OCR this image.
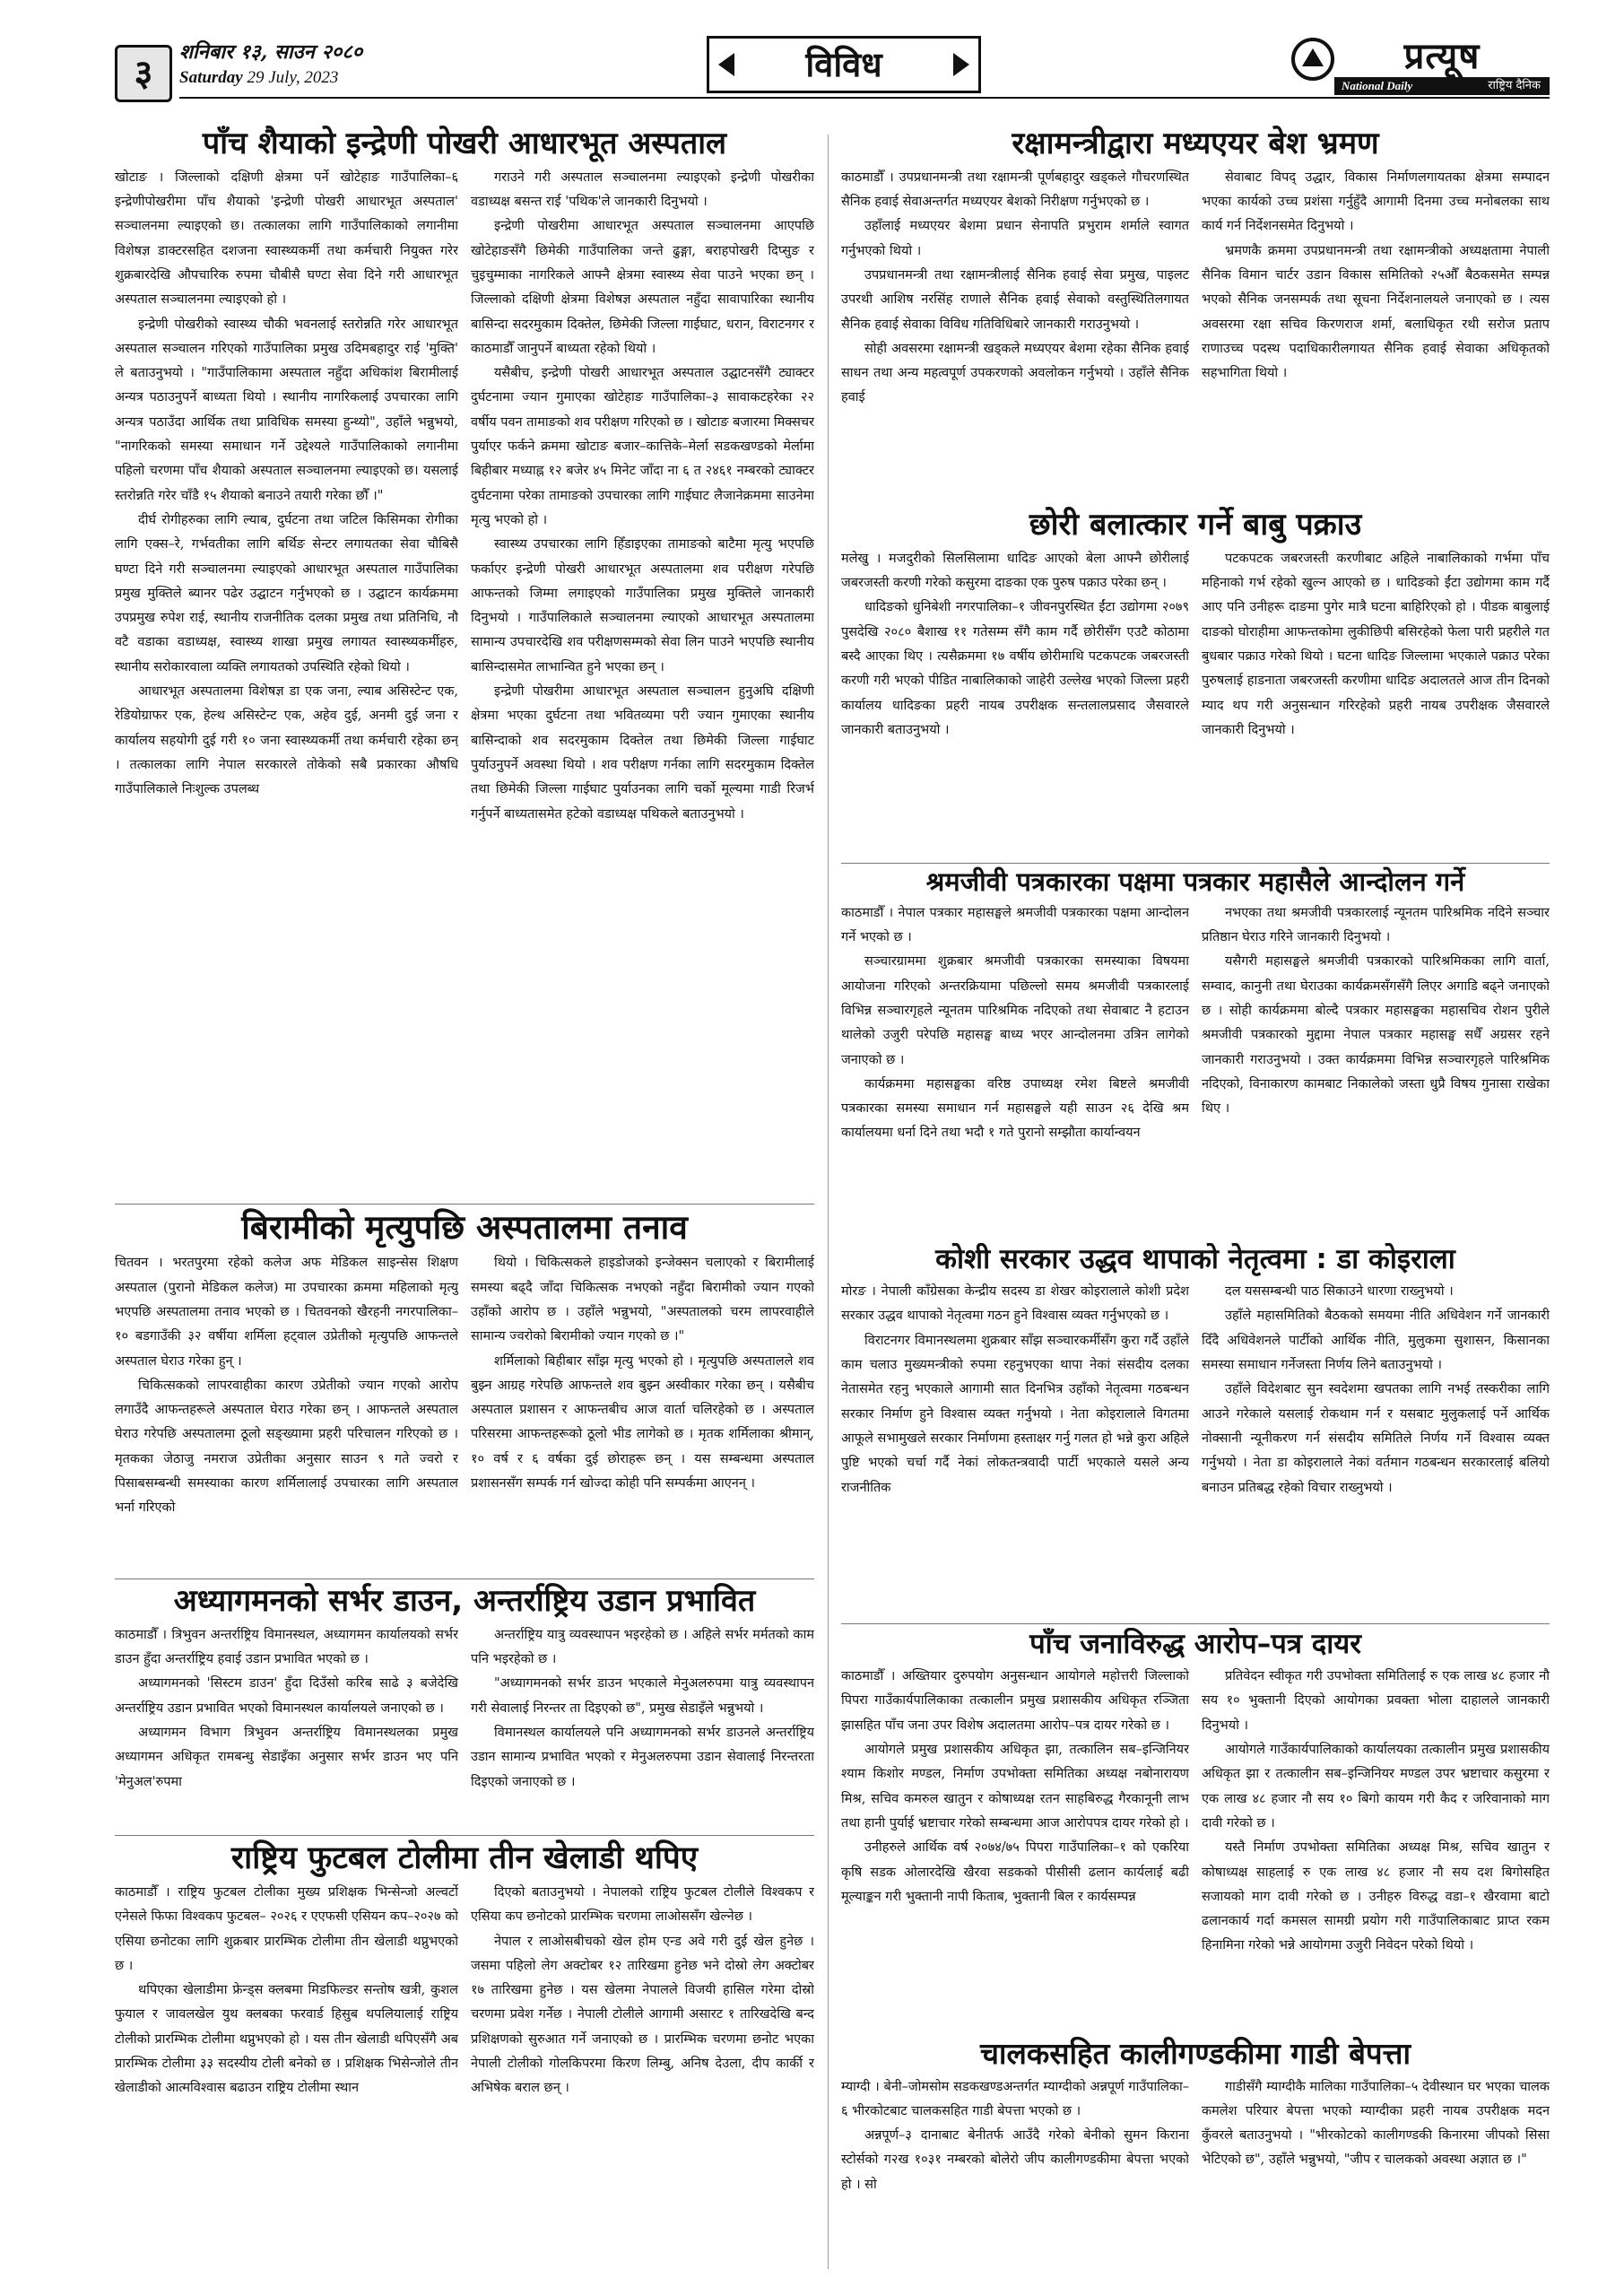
३
शनिबार १३, साउन २०८०
Saturday 29 July, 2023	विविध	प्रत्यूष
National Daily	राष्ट्रिय दैनिक
पाँच शैयाको इन्द्रेणी पोखरी आधारभूत अस्पताल

खोटाङ । जिल्लाको दक्षिणी क्षेत्रमा पर्ने खोटेहाङ गाउँपालिका–६ इन्द्रेणीपोखरीमा पाँच शैयाको 'इन्द्रेणी पोखरी आधारभूत अस्पताल' सञ्चालनमा ल्याइएको छ। तत्कालका लागि गाउँपालिकाको लगानीमा विशेषज्ञ डाक्टरसहित दशजना स्वास्थ्यकर्मी तथा कर्मचारी नियुक्त गरेर शुक्रबारदेखि औपचारिक रुपमा चौबीसै घण्टा सेवा दिने गरी आधारभूत अस्पताल सञ्चालनमा ल्याइएको हो ।

इन्द्रेणी पोखरीको स्वास्थ्य चौकी भवनलाई स्तरोन्नति गरेर आधारभूत अस्पताल सञ्चालन गरिएको गाउँपालिका प्रमुख उदिमबहादुर राई 'मुक्ति' ले बताउनुभयो । "गाउँपालिकामा अस्पताल नहुँदा अधिकांश बिरामीलाई अन्यत्र पठाउनुपर्ने बाध्यता थियो । स्थानीय नागरिकलाई उपचारका लागि अन्यत्र पठाउँदा आर्थिक तथा प्राविधिक समस्या हुन्थ्यो", उहाँले भन्नुभयो, "नागरिकको समस्या समाधान गर्ने उद्देश्यले गाउँपालिकाको लगानीमा पहिलो चरणमा पाँच शैयाको अस्पताल सञ्चालनमा ल्याइएको छ। यसलाई स्तरोन्नति गरेर चाँडै १५ शैयाको बनाउने तयारी गरेका छौँ ।"

दीर्घ रोगीहरुका लागि ल्याब, दुर्घटना तथा जटिल किसिमका रोगीका लागि एक्स–रे, गर्भवतीका लागि बर्थिङ सेन्टर लगायतका सेवा चौबिसै घण्टा दिने गरी सञ्चालनमा ल्याइएको आधारभूत अस्पताल गाउँपालिका प्रमुख मुक्तिले ब्यानर पढेर उद्घाटन गर्नुभएको छ । उद्घाटन कार्यक्रममा उपप्रमुख रुपेश राई, स्थानीय राजनीतिक दलका प्रमुख तथा प्रतिनिधि, नौ वटै वडाका वडाध्यक्ष, स्वास्थ्य शाखा प्रमुख लगायत स्वास्थ्यकर्मीहरु, स्थानीय सरोकारवाला व्यक्ति लगायतको उपस्थिति रहेको थियो ।

आधारभूत अस्पतालमा विशेषज्ञ डा एक जना, ल्याब असिस्टेन्ट एक, रेडियोग्राफर एक, हेल्थ असिस्टेन्ट एक, अहेव दुई, अनमी दुई जना र कार्यालय सहयोगी दुई गरी १० जना स्वास्थ्यकर्मी तथा कर्मचारी रहेका छन् । तत्कालका लागि नेपाल सरकारले तोकेको सबै प्रकारका औषधि गाउँपालिकाले निःशुल्क उपलब्ध

गराउने गरी अस्पताल सञ्चालनमा ल्याइएको इन्द्रेणी पोखरीका वडाध्यक्ष बसन्त राई 'पथिक'ले जानकारी दिनुभयो ।

इन्द्रेणी पोखरीमा आधारभूत अस्पताल सञ्चालनमा आएपछि खोटेहाङसँगै छिमेकी गाउँपालिका जन्ते ढुङ्गा, बराहपोखरी दिप्सुङ र चुइचुम्माका नागरिकले आफ्नै क्षेत्रमा स्वास्थ्य सेवा पाउने भएका छन् । जिल्लाको दक्षिणी क्षेत्रमा विशेषज्ञ अस्पताल नहुँदा सावापारिका स्थानीय बासिन्दा सदरमुकाम दिक्तेल, छिमेकी जिल्ला गाईघाट, धरान, विराटनगर र काठमाडौँ जानुपर्ने बाध्यता रहेको थियो ।

यसैबीच, इन्द्रेणी पोखरी आधारभूत अस्पताल उद्घाटनसँगै ट्याक्टर दुर्घटनामा ज्यान गुमाएका खोटेहाङ गाउँपालिका–३ सावाकटहरेका २२ वर्षीय पवन तामाङको शव परीक्षण गरिएको छ । खोटाङ बजारमा मिक्सचर पुर्याएर फर्कने क्रममा खोटाङ बजार–कात्तिके–मेर्ला सडकखण्डको मेर्लामा बिहीबार मध्याह्न १२ बजेर ४५ मिनेट जाँदा ना ६ त २४६१ नम्बरको ट्याक्टर दुर्घटनामा परेका तामाङको उपचारका लागि गाईघाट लैजानेक्रममा साउनेमा मृत्यु भएको हो ।

स्वास्थ्य उपचारका लागि हिँडाइएका तामाङको बाटैमा मृत्यु भएपछि फर्काएर इन्द्रेणी पोखरी आधारभूत अस्पतालमा शव परीक्षण गरेपछि आफन्तको जिम्मा लगाइएको गाउँपालिका प्रमुख मुक्तिले जानकारी दिनुभयो । गाउँपालिकाले सञ्चालनमा ल्याएको आधारभूत अस्पतालमा सामान्य उपचारदेखि शव परीक्षणसम्मको सेवा लिन पाउने भएपछि स्थानीय बासिन्दासमेत लाभान्वित हुने भएका छन् ।

इन्द्रेणी पोखरीमा आधारभूत अस्पताल सञ्चालन हुनुअघि दक्षिणी क्षेत्रमा भएका दुर्घटना तथा भवितव्यमा परी ज्यान गुमाएका स्थानीय बासिन्दाको शव सदरमुकाम दिक्तेल तथा छिमेकी जिल्ला गाईघाट पुर्याउनुपर्ने अवस्था थियो । शव परीक्षण गर्नका लागि सदरमुकाम दिक्तेल तथा छिमेकी जिल्ला गाईघाट पुर्याउनका लागि चर्को मूल्यमा गाडी रिजर्भ गर्नुपर्ने बाध्यतासमेत हटेको वडाध्यक्ष पथिकले बताउनुभयो ।

बिरामीको मृत्युपछि अस्पतालमा तनाव

चितवन । भरतपुरमा रहेको कलेज अफ मेडिकल साइन्सेस शिक्षण अस्पताल (पुरानो मेडिकल कलेज) मा उपचारका क्रममा महिलाको मृत्यु भएपछि अस्पतालमा तनाव भएको छ । चितवनको खैरहनी नगरपालिका–१० बडगाउँकी ३२ वर्षीया शर्मिला हट्वाल उप्रेतीको मृत्युपछि आफन्तले अस्पताल घेराउ गरेका हुन् ।

चिकित्सकको लापरवाहीका कारण उप्रेतीको ज्यान गएको आरोप लगाउँदै आफन्तहरूले अस्पताल घेराउ गरेका छन् । आफन्तले अस्पताल घेराउ गरेपछि अस्पतालमा ठूलो सङ्ख्यामा प्रहरी परिचालन गरिएको छ । मृतकका जेठाजु नमराज उप्रेतीका अनुसार साउन ९ गते ज्वरो र पिसाबसम्बन्धी समस्याका कारण शर्मिलालाई उपचारका लागि अस्पताल भर्ना गरिएको

थियो । चिकित्सकले हाइडोजको इन्जेक्सन चलाएको र बिरामीलाई समस्या बढ्दै जाँदा चिकित्सक नभएको नहुँदा बिरामीको ज्यान गएको उहाँको आरोप छ । उहाँले भन्नुभयो, "अस्पतालको चरम लापरवाहीले सामान्य ज्वरोको बिरामीको ज्यान गएको छ ।"

शर्मिलाको बिहीबार साँझ मृत्यु भएको हो । मृत्युपछि अस्पतालले शव बुझ्न आग्रह गरेपछि आफन्तले शव बुझ्न अस्वीकार गरेका छन् । यसैबीच अस्पताल प्रशासन र आफन्तबीच आज वार्ता चलिरहेको छ । अस्पताल परिसरमा आफन्तहरूको ठूलो भीड लागेको छ । मृतक शर्मिलाका श्रीमान्, १० वर्ष र ६ वर्षका दुई छोराहरू छन् । यस सम्बन्धमा अस्पताल प्रशासनसँग सम्पर्क गर्न खोज्दा कोही पनि सम्पर्कमा आएनन् ।

अध्यागमनको सर्भर डाउन, अन्तर्राष्ट्रिय उडान प्रभावित

काठमाडौँ । त्रिभुवन अन्तर्राष्ट्रिय विमानस्थल, अध्यागमन कार्यालयको सर्भर डाउन हुँदा अन्तर्राष्ट्रिय हवाई उडान प्रभावित भएको छ ।

अध्यागमनको 'सिस्टम डाउन' हुँदा दिउँसो करिब साढे ३ बजेदेखि अन्तर्राष्ट्रिय उडान प्रभावित भएको विमानस्थल कार्यालयले जनाएको छ ।

अध्यागमन विभाग त्रिभुवन अन्तर्राष्ट्रिय विमानस्थलका प्रमुख अध्यागमन अधिकृत रामबन्धु सेडाइँका अनुसार सर्भर डाउन भए पनि 'मेनुअल'रुपमा

अन्तर्राष्ट्रिय यात्रु व्यवस्थापन भइरहेको छ । अहिले सर्भर मर्मतको काम पनि भइरहेको छ ।

"अध्यागमनको सर्भर डाउन भएकाले मेनुअलरुपमा यात्रु व्यवस्थापन गरी सेवालाई निरन्तर ता दिइएको छ", प्रमुख सेडाइँले भन्नुभयो ।

विमानस्थल कार्यालयले पनि अध्यागमनको सर्भर डाउनले अन्तर्राष्ट्रिय उडान सामान्य प्रभावित भएको र मेनुअलरुपमा उडान सेवालाई निरन्तरता दिइएको जनाएको छ ।

राष्ट्रिय फुटबल टोलीमा तीन खेलाडी थपिए

काठमाडौँ । राष्ट्रिय फुटबल टोलीका मुख्य प्रशिक्षक भिन्सेन्जो अल्वर्टो एनेसले फिफा विश्वकप फुटबल– २०२६ र एएफसी एसियन कप–२०२७ को एसिया छनोटका लागि शुक्रबार प्रारम्भिक टोलीमा तीन खेलाडी थप्नुभएको छ ।

थपिएका खेलाडीमा फ्रेन्ड्स क्लबमा मिडफिल्डर सन्तोष खत्री, कुशल फुयाल र जावलखेल युथ क्लबका फरवार्ड हिसुब थपलियालाई राष्ट्रिय टोलीको प्रारम्भिक टोलीमा थप्नुभएको हो । यस तीन खेलाडी थपिएसँगै अब प्रारम्भिक टोलीमा ३३ सदस्यीय टोली बनेको छ । प्रशिक्षक भिसेन्जोले तीन खेलाडीको आत्मविश्वास बढाउन राष्ट्रिय टोलीमा स्थान

दिएको बताउनुभयो । नेपालको राष्ट्रिय फुटबल टोलीले विश्वकप र एसिया कप छनोटको प्रारम्भिक चरणमा लाओससँग खेल्नेछ ।

नेपाल र लाओसबीचको खेल होम एन्ड अवे गरी दुई खेल हुनेछ । जसमा पहिलो लेग अक्टोबर १२ तारिखमा हुनेछ भने दोस्रो लेग अक्टोबर १७ तारिखमा हुनेछ । यस खेलमा नेपालले विजयी हासिल गरेमा दोस्रो चरणमा प्रवेश गर्नेछ । नेपाली टोलीले आगामी असारट १ तारिखदेखि बन्द प्रशिक्षणको सुरुआत गर्ने जनाएको छ । प्रारम्भिक चरणमा छनोट भएका नेपाली टोलीको गोलकिपरमा किरण लिम्बु, अनिष देउला, दीप कार्की र अभिषेक बराल छन् ।

रक्षामन्त्रीद्वारा मध्यएयर बेश भ्रमण

काठमाडौँ । उपप्रधानमन्त्री तथा रक्षामन्त्री पूर्णबहादुर खड्कले गौचरणस्थित सैनिक हवाई सेवाअन्तर्गत मध्यएयर बेशको निरीक्षण गर्नुभएको छ ।

उहाँलाई मध्यएयर बेशमा प्रधान सेनापति प्रभुराम शर्माले स्वागत गर्नुभएको थियो ।

उपप्रधानमन्त्री तथा रक्षामन्त्रीलाई सैनिक हवाई सेवा प्रमुख, पाइलट उपरथी आशिष नरसिंह राणाले सैनिक हवाई सेवाको वस्तुस्थितिलगायत सैनिक हवाई सेवाका विविध गतिविधिबारे जानकारी गराउनुभयो ।

सोही अवसरमा रक्षामन्त्री खड्कले मध्यएयर बेशमा रहेका सैनिक हवाई साधन तथा अन्य महत्वपूर्ण उपकरणको अवलोकन गर्नुभयो । उहाँले सैनिक हवाई

सेवाबाट विपद् उद्धार, विकास निर्माणलगायतका क्षेत्रमा सम्पादन भएका कार्यको उच्च प्रशंसा गर्नुहुँदै आगामी दिनमा उच्च मनोबलका साथ कार्य गर्न निर्देशनसमेत दिनुभयो ।

भ्रमणकै क्रममा उपप्रधानमन्त्री तथा रक्षामन्त्रीको अध्यक्षतामा नेपाली सैनिक विमान चार्टर उडान विकास समितिको २५औँ बैठकसमेत सम्पन्न भएको सैनिक जनसम्पर्क तथा सूचना निर्देशनालयले जनाएको छ । त्यस अवसरमा रक्षा सचिव किरणराज शर्मा, बलाधिकृत रथी सरोज प्रताप राणाउच्च पदस्थ पदाधिकारीलगायत सैनिक हवाई सेवाका अधिकृतको सहभागिता थियो ।

छोरी बलात्कार गर्ने बाबु पक्राउ

मलेखु । मजदुरीको सिलसिलामा धादिङ आएको बेला आफ्नै छोरीलाई जबरजस्ती करणी गरेको कसुरमा दाङका एक पुरुष पक्राउ परेका छन् ।

धादिङको धुनिबेशी नगरपालिका–१ जीवनपुरस्थित ईंटा उद्योगमा २०७९ पुसदेखि २०८० बैशाख ११ गतेसम्म सँगै काम गर्दै छोरीसँग एउटै कोठामा बस्दै आएका थिए । त्यसैक्रममा १७ वर्षीय छोरीमाथि पटकपटक जबरजस्ती करणी गरी भएको पीडित नाबालिकाको जाहेरी उल्लेख भएको जिल्ला प्रहरी कार्यालय धादिङका प्रहरी नायब उपरीक्षक सन्तलालप्रसाद जैसवारले जानकारी बताउनुभयो ।

पटकपटक जबरजस्ती करणीबाट अहिले नाबालिकाको गर्भमा पाँच महिनाको गर्भ रहेको खुल्न आएको छ । धादिङको ईंटा उद्योगमा काम गर्दै आए पनि उनीहरू दाङमा पुगेर मात्रै घटना बाहिरिएको हो । पीडक बाबुलाई दाङको घोराहीमा आफन्तकोमा लुकीछिपी बसिरहेको फेला पारी प्रहरीले गत बुधबार पक्राउ गरेको थियो । घटना धादिङ जिल्लामा भएकाले पक्राउ परेका पुरुषलाई हाडनाता जबरजस्ती करणीमा धादिङ अदालतले आज तीन दिनको म्याद थप गरी अनुसन्धान गरिरहेको प्रहरी नायब उपरीक्षक जैसवारले जानकारी दिनुभयो ।

श्रमजीवी पत्रकारका पक्षमा पत्रकार महासैले आन्दोलन गर्ने

काठमाडौँ । नेपाल पत्रकार महासङ्घले श्रमजीवी पत्रकारका पक्षमा आन्दोलन गर्ने भएको छ ।

सञ्चारग्राममा शुक्रबार श्रमजीवी पत्रकारका समस्याका विषयमा आयोजना गरिएको अन्तरक्रियामा पछिल्लो समय श्रमजीवी पत्रकारलाई विभिन्न सञ्चारगृहले न्यूनतम पारिश्रमिक नदिएको तथा सेवाबाट नै हटाउन थालेको उजुरी परेपछि महासङ्घ बाध्य भएर आन्दोलनमा उत्रिन लागेको जनाएको छ ।

कार्यक्रममा महासङ्घका वरिष्ठ उपाध्यक्ष रमेश बिष्टले श्रमजीवी पत्रकारका समस्या समाधान गर्न महासङ्घले यही साउन २६ देखि श्रम कार्यालयमा धर्ना दिने तथा भदौ १ गते पुरानो सम्झौता कार्यान्वयन

नभएका तथा श्रमजीवी पत्रकारलाई न्यूनतम पारिश्रमिक नदिने सञ्चार प्रतिष्ठान घेराउ गरिने जानकारी दिनुभयो ।

यसैगरी महासङ्घले श्रमजीवी पत्रकारको पारिश्रमिकका लागि वार्ता, सम्वाद, कानुनी तथा घेराउका कार्यक्रमसँगसँगै लिएर अगाडि बढ्ने जनाएको छ । सोही कार्यक्रममा बोल्दै पत्रकार महासङ्घका महासचिव रोशन पुरीले श्रमजीवी पत्रकारको मुद्दामा नेपाल पत्रकार महासङ्घ सधैँ अग्रसर रहने जानकारी गराउनुभयो । उक्त कार्यक्रममा विभिन्न सञ्चारगृहले पारिश्रमिक नदिएको, विनाकारण कामबाट निकालेको जस्ता धुप्रै विषय गुनासा राखेका थिए ।

कोशी सरकार उद्धव थापाको नेतृत्वमा : डा कोइराला

मोरङ । नेपाली काँग्रेसका केन्द्रीय सदस्य डा शेखर कोइरालाले कोशी प्रदेश सरकार उद्धव थापाको नेतृत्वमा गठन हुने विश्वास व्यक्त गर्नुभएको छ ।

विराटनगर विमानस्थलमा शुक्रबार साँझ सञ्चारकर्मीसँग कुरा गर्दै उहाँले काम चलाउ मुख्यमन्त्रीको रुपमा रहनुभएका थापा नेकां संसदीय दलका नेतासमेत रहनु भएकाले आगामी सात दिनभित्र उहाँको नेतृत्वमा गठबन्धन सरकार निर्माण हुने विश्वास व्यक्त गर्नुभयो । नेता कोइरालाले विगतमा आफूले सभामुखले सरकार निर्माणमा हस्ताक्षर गर्नु गलत हो भन्ने कुरा अहिले पुष्टि भएको चर्चा गर्दै नेकां लोकतन्त्रवादी पार्टी भएकाले यसले अन्य राजनीतिक

दल यससम्बन्धी पाठ सिकाउने धारणा राख्नुभयो ।

उहाँले महासमितिको बैठकको समयमा नीति अधिवेशन गर्ने जानकारी दिँदै अधिवेशनले पार्टीको आर्थिक नीति, मुलुकमा सुशासन, किसानका समस्या समाधान गर्नेजस्ता निर्णय लिने बताउनुभयो ।

उहाँले विदेशबाट सुन स्वदेशमा खपतका लागि नभई तस्करीका लागि आउने गरेकाले यसलाई रोकथाम गर्न र यसबाट मुलुकलाई पर्ने आर्थिक नोक्सानी न्यूनीकरण गर्न संसदीय समितिले निर्णय गर्ने विश्वास व्यक्त गर्नुभयो । नेता डा कोइरालाले नेकां वर्तमान गठबन्धन सरकारलाई बलियो बनाउन प्रतिबद्ध रहेको विचार राख्नुभयो ।

पाँच जनाविरुद्ध आरोप–पत्र दायर

काठमाडौँ । अख्तियार दुरुपयोग अनुसन्धान आयोगले महोत्तरी जिल्लाको पिपरा गाउँकार्यपालिकाका तत्कालीन प्रमुख प्रशासकीय अधिकृत रञ्जिता झासहित पाँच जना उपर विशेष अदालतमा आरोप–पत्र दायर गरेको छ ।

आयोगले प्रमुख प्रशासकीय अधिकृत झा, तत्कालिन सब–इन्जिनियर श्याम किशोर मण्डल, निर्माण उपभोक्ता समितिका अध्यक्ष नबोनारायण मिश्र, सचिव कमरुल खातुन र कोषाध्यक्ष रतन साहबिरुद्ध गैरकानूनी लाभ तथा हानी पुर्याई भ्रष्टाचार गरेको सम्बन्धमा आज आरोपपत्र दायर गरेको हो ।

उनीहरुले आर्थिक वर्ष २०७४/७५ पिपरा गाउँपालिका–१ को एकरिया कृषि सडक ओलारदेखि खैरवा सडकको पीसीसी ढलान कार्यलाई बढी मूल्याङ्कन गरी भुक्तानी नापी किताब, भुक्तानी बिल र कार्यसम्पन्न

प्रतिवेदन स्वीकृत गरी उपभोक्ता समितिलाई रु एक लाख ४८ हजार नौ सय १० भुक्तानी दिएको आयोगका प्रवक्ता भोला दाहालले जानकारी दिनुभयो ।

आयोगले गाउँकार्यपालिकाको कार्यालयका तत्कालीन प्रमुख प्रशासकीय अधिकृत झा र तत्कालीन सब–इन्जिनियर मण्डल उपर भ्रष्टाचार कसुरमा र एक लाख ४८ हजार नौ सय १० बिगो कायम गरी कैद र जरिवानाको माग दावी गरेको छ ।

यस्तै निर्माण उपभोक्ता समितिका अध्यक्ष मिश्र, सचिव खातुन र कोषाध्यक्ष साहलाई रु एक लाख ४८ हजार नौ सय दश बिगोसहित सजायको माग दावी गरेको छ । उनीहरु विरुद्ध वडा–१ खैरवामा बाटो ढलानकार्य गर्दा कमसल सामग्री प्रयोग गरी गाउँपालिकाबाट प्राप्त रकम हिनामिना गरेको भन्ने आयोगमा उजुरी निवेदन परेको थियो ।

चालकसहित कालीगण्डकीमा गाडी बेपत्ता

म्याग्दी । बेनी–जोमसोम सडकखण्डअन्तर्गत म्याग्दीको अन्नपूर्ण गाउँपालिका–६ भीरकोटबाट चालकसहित गाडी बेपत्ता भएको छ ।

अन्नपूर्ण–३ दानाबाट बेनीतर्फ आउँदै गरेको बेनीको सुमन किराना स्टोर्सको ग२ख १०३१ नम्बरको बोलेरो जीप कालीगण्डकीमा बेपत्ता भएको हो । सो

गाडीसँगै म्याग्दीकै मालिका गाउँपालिका–५ देवीस्थान घर भएका चालक कमलेश परियार बेपत्ता भएको म्याग्दीका प्रहरी नायब उपरीक्षक मदन कुँवरले बताउनुभयो । "भीरकोटको कालीगण्डकी किनारमा जीपको सिसा भेटिएको छ", उहाँले भन्नुभयो, "जीप र चालकको अवस्था अज्ञात छ ।"
